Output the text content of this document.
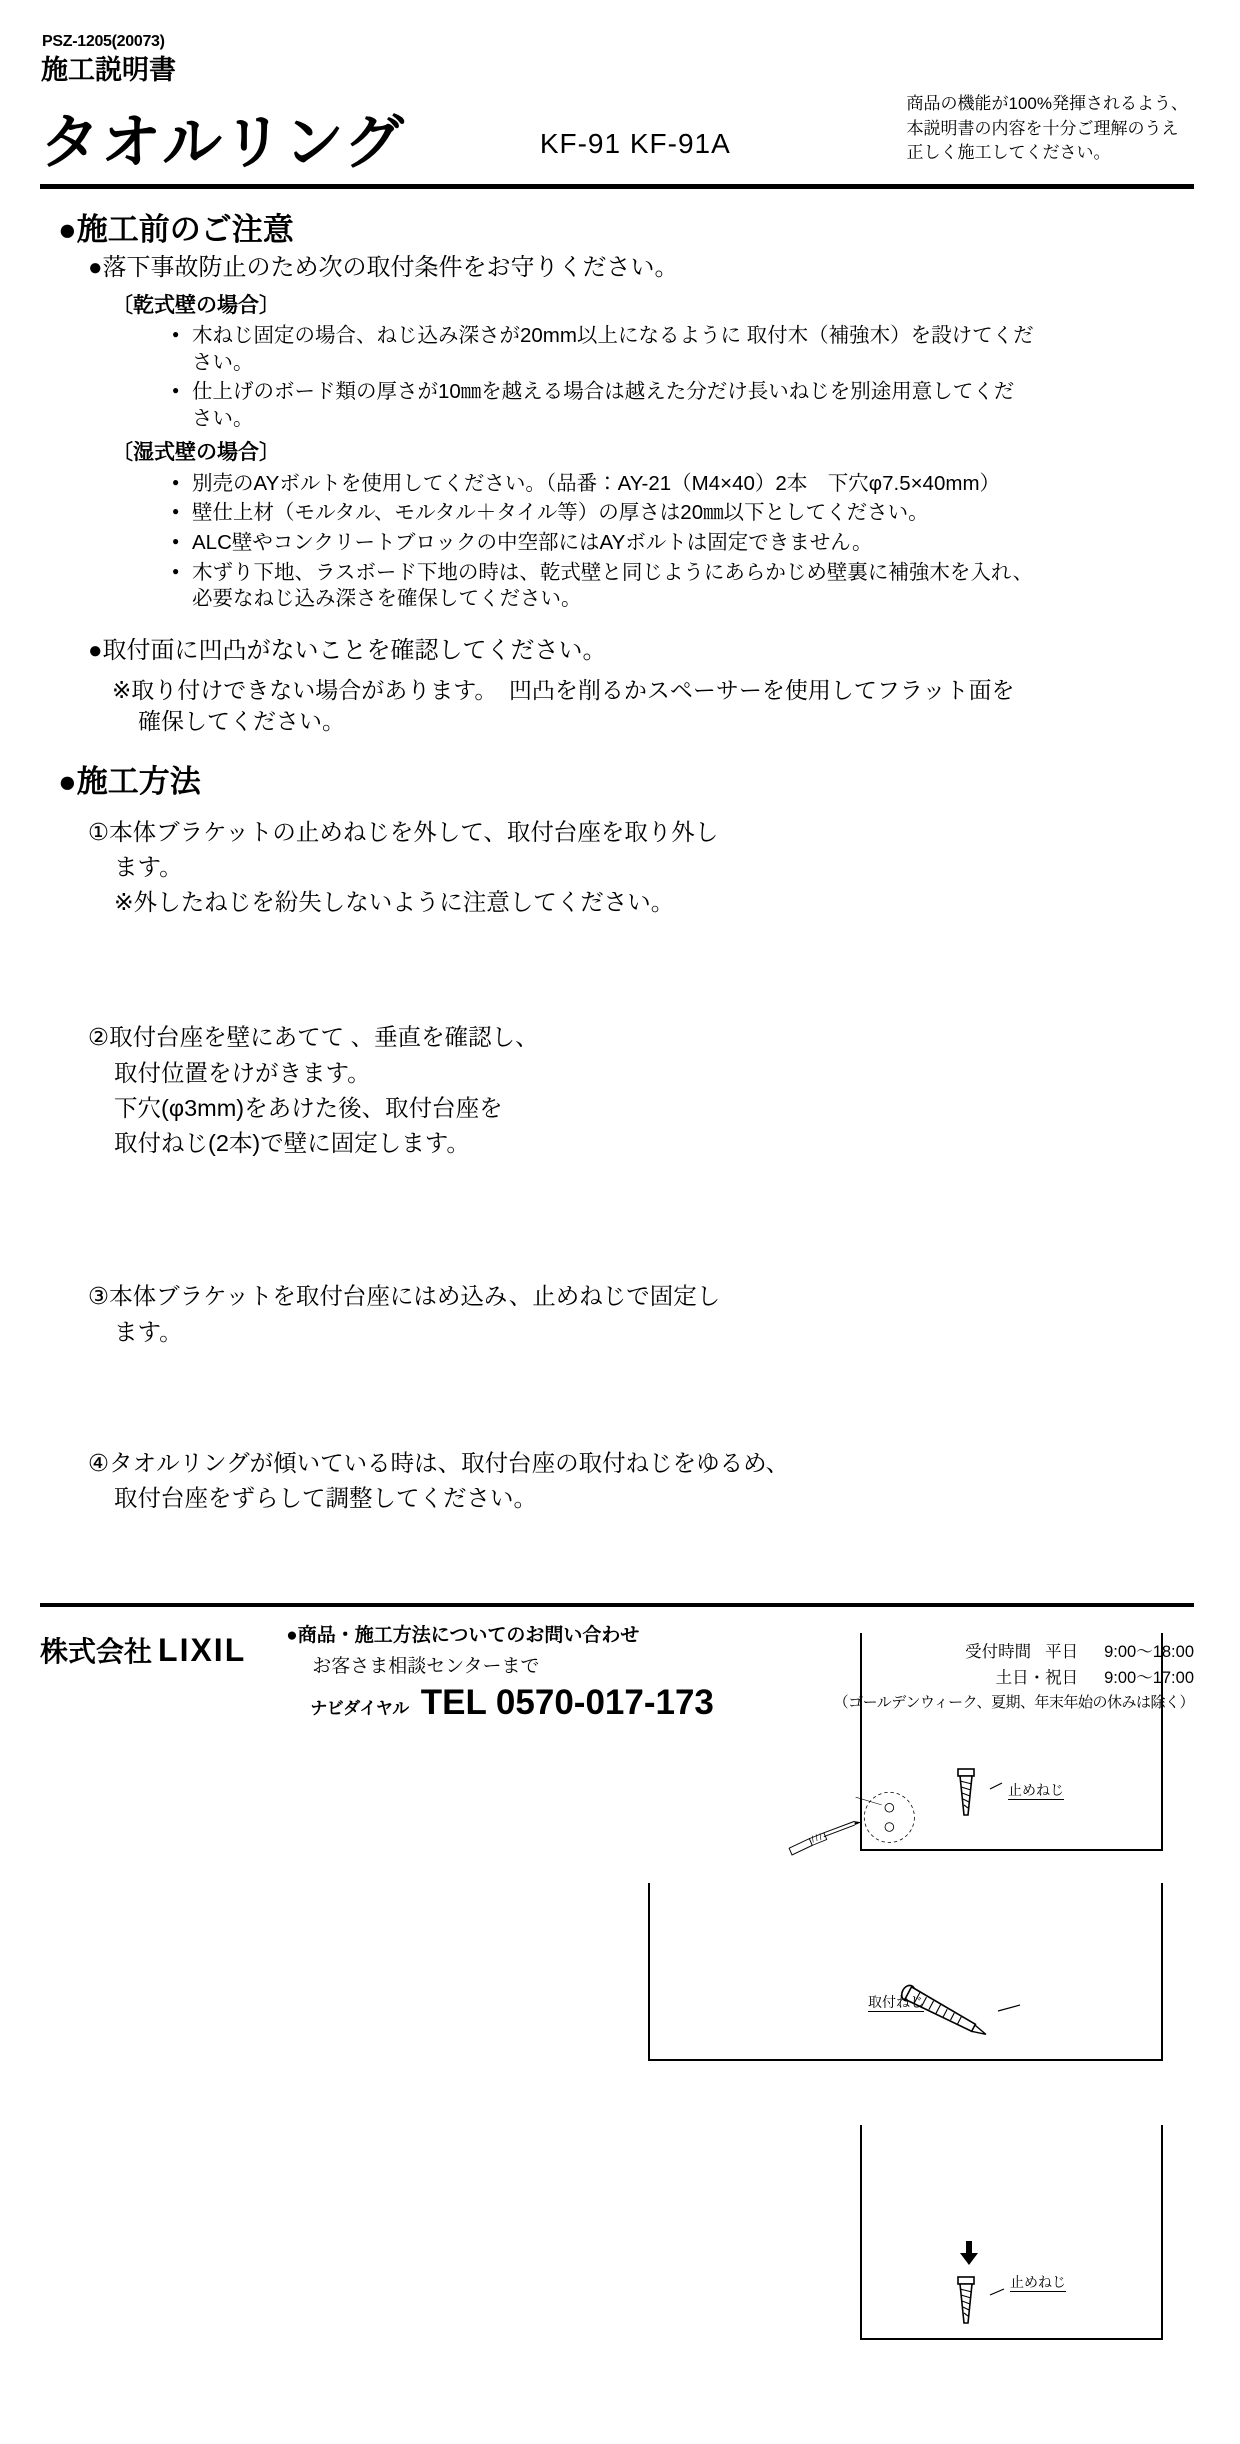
PSZ-1205(20073)
施工説明書
タオルリング	KF-91 KF-91A
商品の機能が100%発揮されるよう、
本説明書の内容を十分ご理解のうえ
正しく施工してください。
●施工前のご注意
●落下事故防止のため次の取付条件をお守りください。
〔乾式壁の場合〕
● 木ねじ固定の場合、ねじ込み深さが20mm以上になるように 取付木（補強木）を設けてくだ
さい。
● 仕上げのボード類の厚さが10㎜を越える場合は越えた分だけ長いねじを別途用意してくだ
さい。
〔湿式壁の場合〕
● 別売のAYボルトを使用してください。（品番：AY-21（M4×40）2本　下穴φ7.5×40mm）
● 壁仕上材（モルタル、モルタル＋タイル等）の厚さは20㎜以下としてください。
● ALC壁やコンクリートブロックの中空部にはAYボルトは固定できません。
● 木ずり下地、ラスボード下地の時は、乾式壁と同じようにあらかじめ壁裏に補強木を入れ、
必要なねじ込み深さを確保してください。
●取付面に凹凸がないことを確認してください。
※取り付けできない場合があります。　凹凸を削るかスペーサーを使用してフラット面を
確保してください。
●施工方法
①本体ブラケットの止めねじを外して、取付台座を取り外し
ます。
※外したねじを紛失しないように注意してください。
止めねじ
②取付台座を壁にあてて 、垂直を確認し、
取付位置をけがきます。
下穴(φ3mm)をあけた後、取付台座を
取付ねじ(2本)で壁に固定します。
取付ねじ
③本体ブラケットを取付台座にはめ込み、止めねじで固定し
ます。
止めねじ
④タオルリングが傾いている時は、取付台座の取付ねじをゆるめ、
取付台座をずらして調整してください。
株式会社 LIXIL ●商品・施工方法についてのお問い合わせ
お客さま相談センターまで
ナビダイヤル TEL 0570-017-173
受付時間 平日 9:00〜18:00
土日・祝日 9:00〜17:00
（ゴールデンウィーク、夏期、年末年始の休みは除く）
